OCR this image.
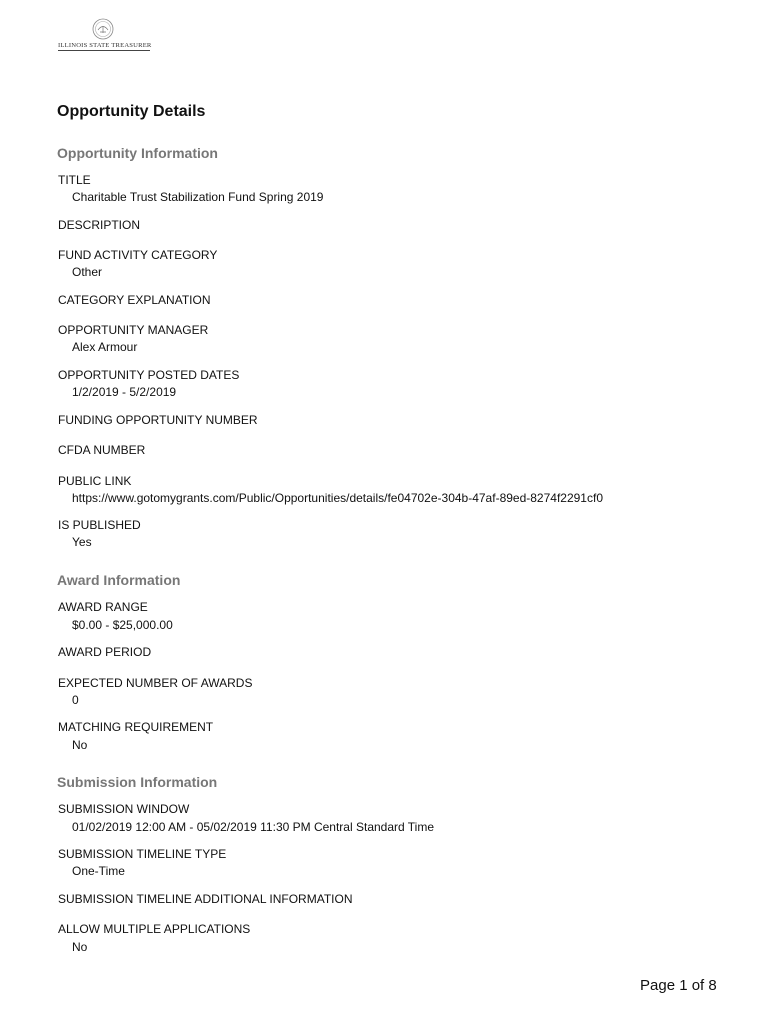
ILLINOIS STATE TREASURER
Opportunity Details
Opportunity Information
TITLE
Charitable Trust Stabilization Fund Spring 2019
DESCRIPTION
FUND ACTIVITY CATEGORY
Other
CATEGORY EXPLANATION
OPPORTUNITY MANAGER
Alex Armour
OPPORTUNITY POSTED DATES
1/2/2019 - 5/2/2019
FUNDING OPPORTUNITY NUMBER
CFDA NUMBER
PUBLIC LINK
https://www.gotomygrants.com/Public/Opportunities/details/fe04702e-304b-47af-89ed-8274f2291cf0
IS PUBLISHED
Yes
Award Information
AWARD RANGE
$0.00 - $25,000.00
AWARD PERIOD
EXPECTED NUMBER OF AWARDS
0
MATCHING REQUIREMENT
No
Submission Information
SUBMISSION WINDOW
01/02/2019 12:00 AM - 05/02/2019 11:30 PM Central Standard Time
SUBMISSION TIMELINE TYPE
One-Time
SUBMISSION TIMELINE ADDITIONAL INFORMATION
ALLOW MULTIPLE APPLICATIONS
No
Page 1 of 8
